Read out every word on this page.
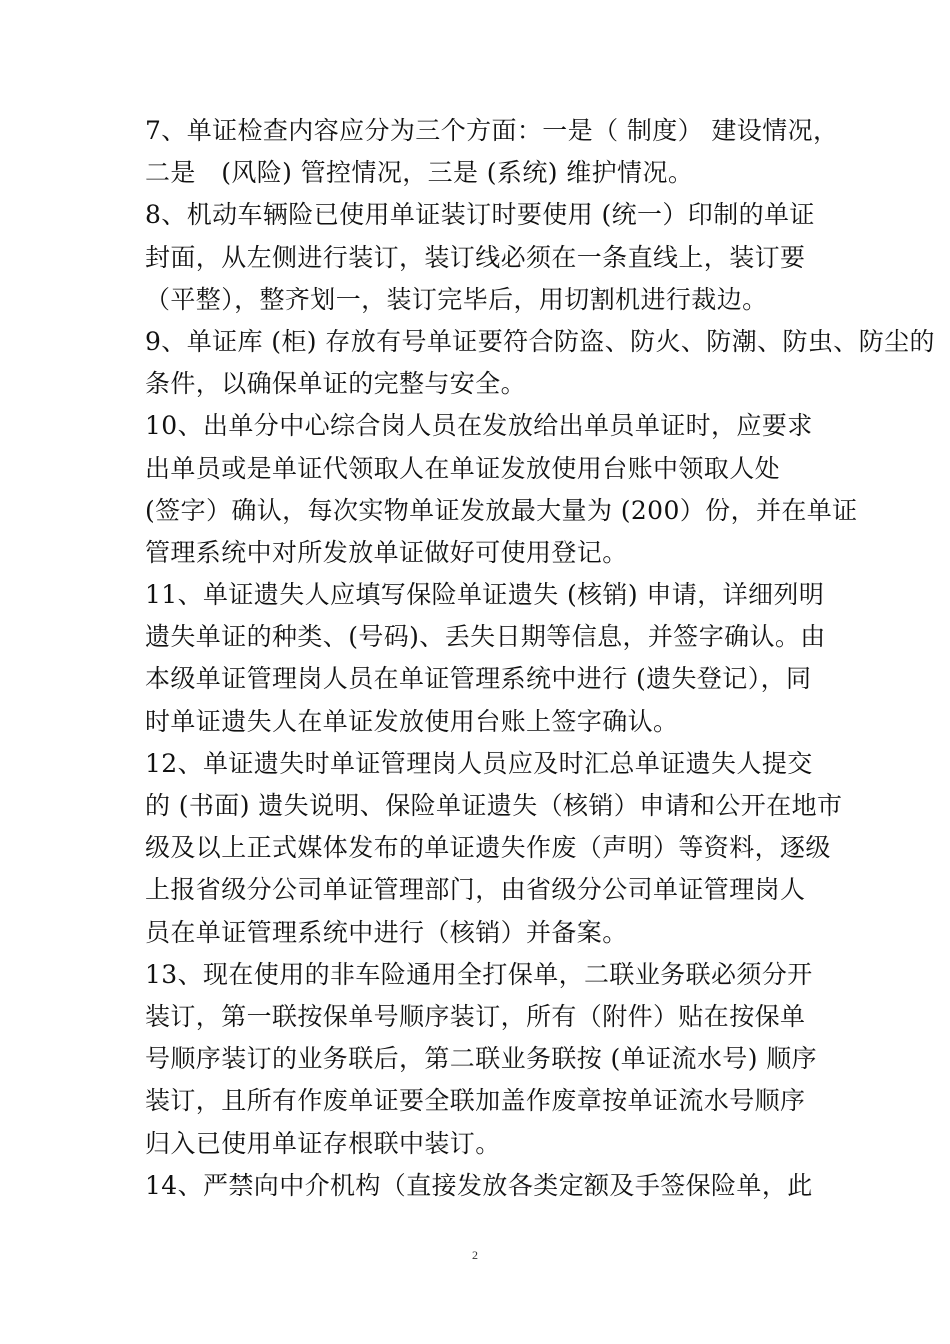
7、单证检查内容应分为三个方面：一是（ 制度） 建设情况，
二是　(风险) 管控情况，三是 (系统) 维护情况。
8、机动车辆险已使用单证装订时要使用 (统一）印制的单证
封面，从左侧进行装订，装订线必须在一条直线上，装订要
（平整），整齐划一，装订完毕后，用切割机进行裁边。
9、单证库 (柜) 存放有号单证要符合防盗、防火、防潮、防虫、防尘的
条件，以确保单证的完整与安全。
10、出单分中心综合岗人员在发放给出单员单证时，应要求
出单员或是单证代领取人在单证发放使用台账中领取人处
(签字）确认，每次实物单证发放最大量为 (200）份，并在单证
管理系统中对所发放单证做好可使用登记。
11、单证遗失人应填写保险单证遗失 (核销) 申请，详细列明
遗失单证的种类、(号码)、丢失日期等信息，并签字确认。由
本级单证管理岗人员在单证管理系统中进行 (遗失登记），同
时单证遗失人在单证发放使用台账上签字确认。
12、单证遗失时单证管理岗人员应及时汇总单证遗失人提交
的 (书面) 遗失说明、保险单证遗失（核销）申请和公开在地市
级及以上正式媒体发布的单证遗失作废（声明）等资料，逐级
上报省级分公司单证管理部门，由省级分公司单证管理岗人
员在单证管理系统中进行（核销）并备案。
13、现在使用的非车险通用全打保单，二联业务联必须分开
装订，第一联按保单号顺序装订，所有（附件）贴在按保单
号顺序装订的业务联后，第二联业务联按 (单证流水号) 顺序
装订，且所有作废单证要全联加盖作废章按单证流水号顺序
归入已使用单证存根联中装订。
14、严禁向中介机构（直接发放各类定额及手签保险单，此
2
